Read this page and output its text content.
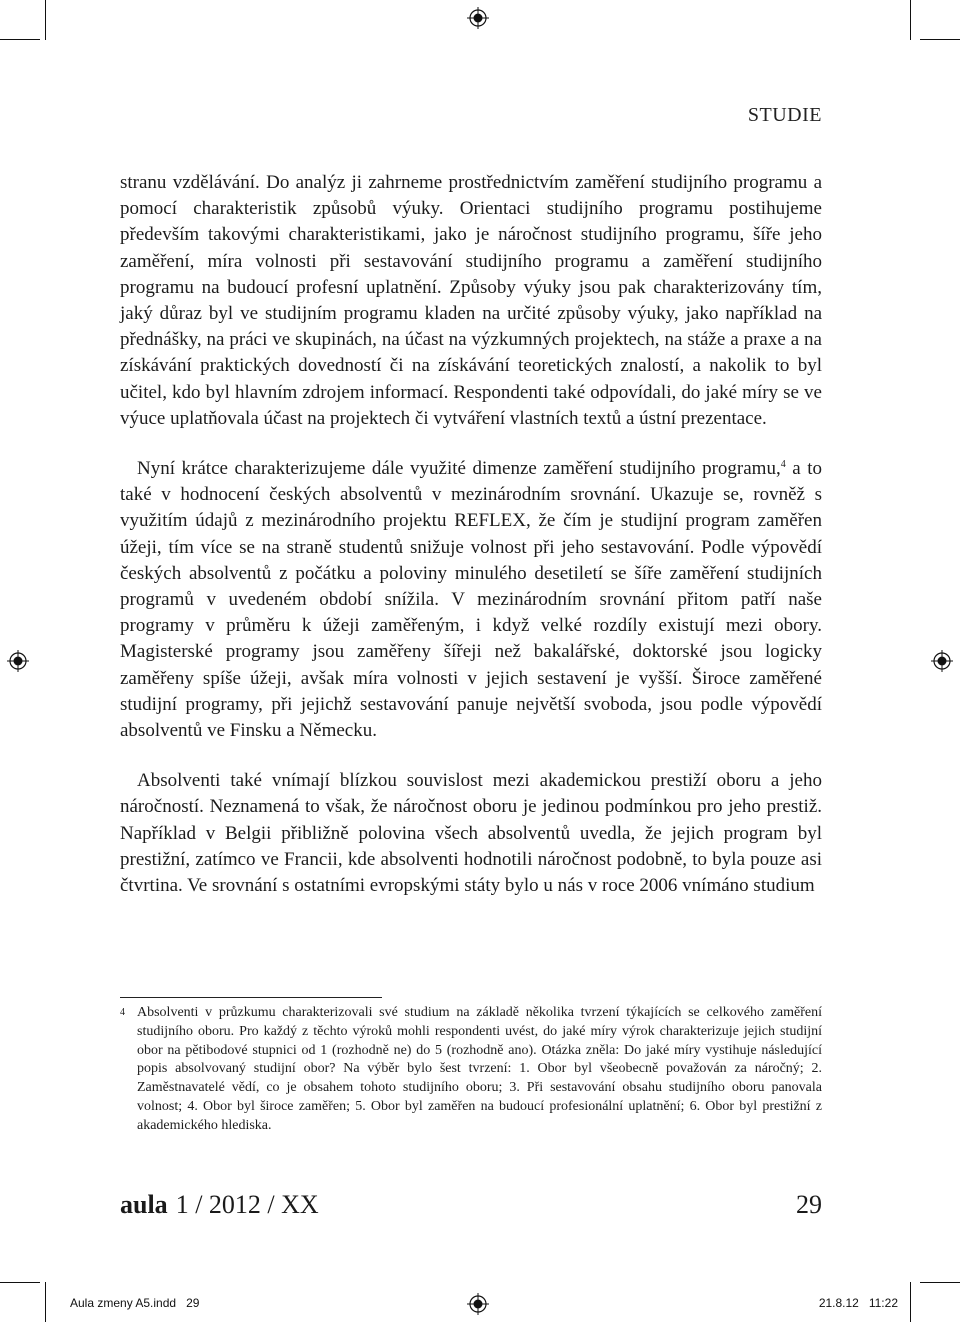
STUDIE

stranu vzdělávání. Do analýz ji zahrneme prostřednictvím zaměření studijního programu a pomocí charakteristik způsobů výuky. Orientaci studijního programu postihujeme především takovými charakteristikami, jako je náročnost studijního programu, šíře jeho zaměření, míra volnosti při sestavování studijního programu a zaměření studijního programu na budoucí profesní uplatnění. Způsoby výuky jsou pak charakterizovány tím, jaký důraz byl ve studijním programu kladen na určité způsoby výuky, jako například na přednášky, na práci ve skupinách, na účast na výzkumných projektech, na stáže a praxe a na získávání praktických dovedností či na získávání teoretických znalostí, a nakolik to byl učitel, kdo byl hlavním zdrojem informací. Respondenti také odpovídali, do jaké míry se ve výuce uplatňovala účast na projektech či vytváření vlastních textů a ústní prezentace.

Nyní krátce charakterizujeme dále využité dimenze zaměření studijního programu,$^4$ a to také v hodnocení českých absolventů v mezinárodním srovnání. Ukazuje se, rovněž s využitím údajů z mezinárodního projektu REFLEX, že čím je studijní program zaměřen úžeji, tím více se na straně studentů snižuje volnost při jeho sestavování. Podle výpovědí českých absolventů z počátku a poloviny minulého desetiletí se šíře zaměření studijních programů v uvedeném období snížila. V mezinárodním srovnání přitom patří naše programy v průměru k úžeji zaměřeným, i když velké rozdíly existují mezi obory. Magisterské programy jsou zaměřeny šířeji než bakalářské, doktorské jsou logicky zaměřeny spíše úžeji, avšak míra volnosti v jejich sestavení je vyšší. Široce zaměřené studijní programy, při jejichž sestavování panuje největší svoboda, jsou podle výpovědí absolventů ve Finsku a Německu.

Absolventi také vnímají blízkou souvislost mezi akademickou prestiží oboru a jeho náročností. Neznamená to však, že náročnost oboru je jedinou podmínkou pro jeho prestiž. Například v Belgii přibližně polovina všech absolventů uvedla, že jejich program byl prestižní, zatímco ve Francii, kde absolventi hodnotili náročnost podobně, to byla pouze asi čtvrtina. Ve srovnání s ostatními evropskými státy bylo u nás v roce 2006 vnímáno studium

4 Absolventi v průzkumu charakterizovali své studium na základě několika tvrzení týkajících se celkového zaměření studijního oboru. Pro každý z těchto výroků mohli respondenti uvést, do jaké míry výrok charakterizuje jejich studijní obor na pětibodové stupnici od 1 (rozhodně ne) do 5 (rozhodně ano). Otázka zněla: Do jaké míry vystihuje následující popis absolvovaný studijní obor? Na výběr bylo šest tvrzení: 1. Obor byl všeobecně považován za náročný; 2. Zaměstnavatelé vědí, co je obsahem tohoto studijního oboru; 3. Při sestavování obsahu studijního oboru panovala volnost; 4. Obor byl široce zaměřen; 5. Obor byl zaměřen na budoucí profesionální uplatnění; 6. Obor byl prestižní z akademického hlediska.
aula 1 / 2012 / XX	29
Aula zmeny A5.indd   29	21.8.12   11:22
